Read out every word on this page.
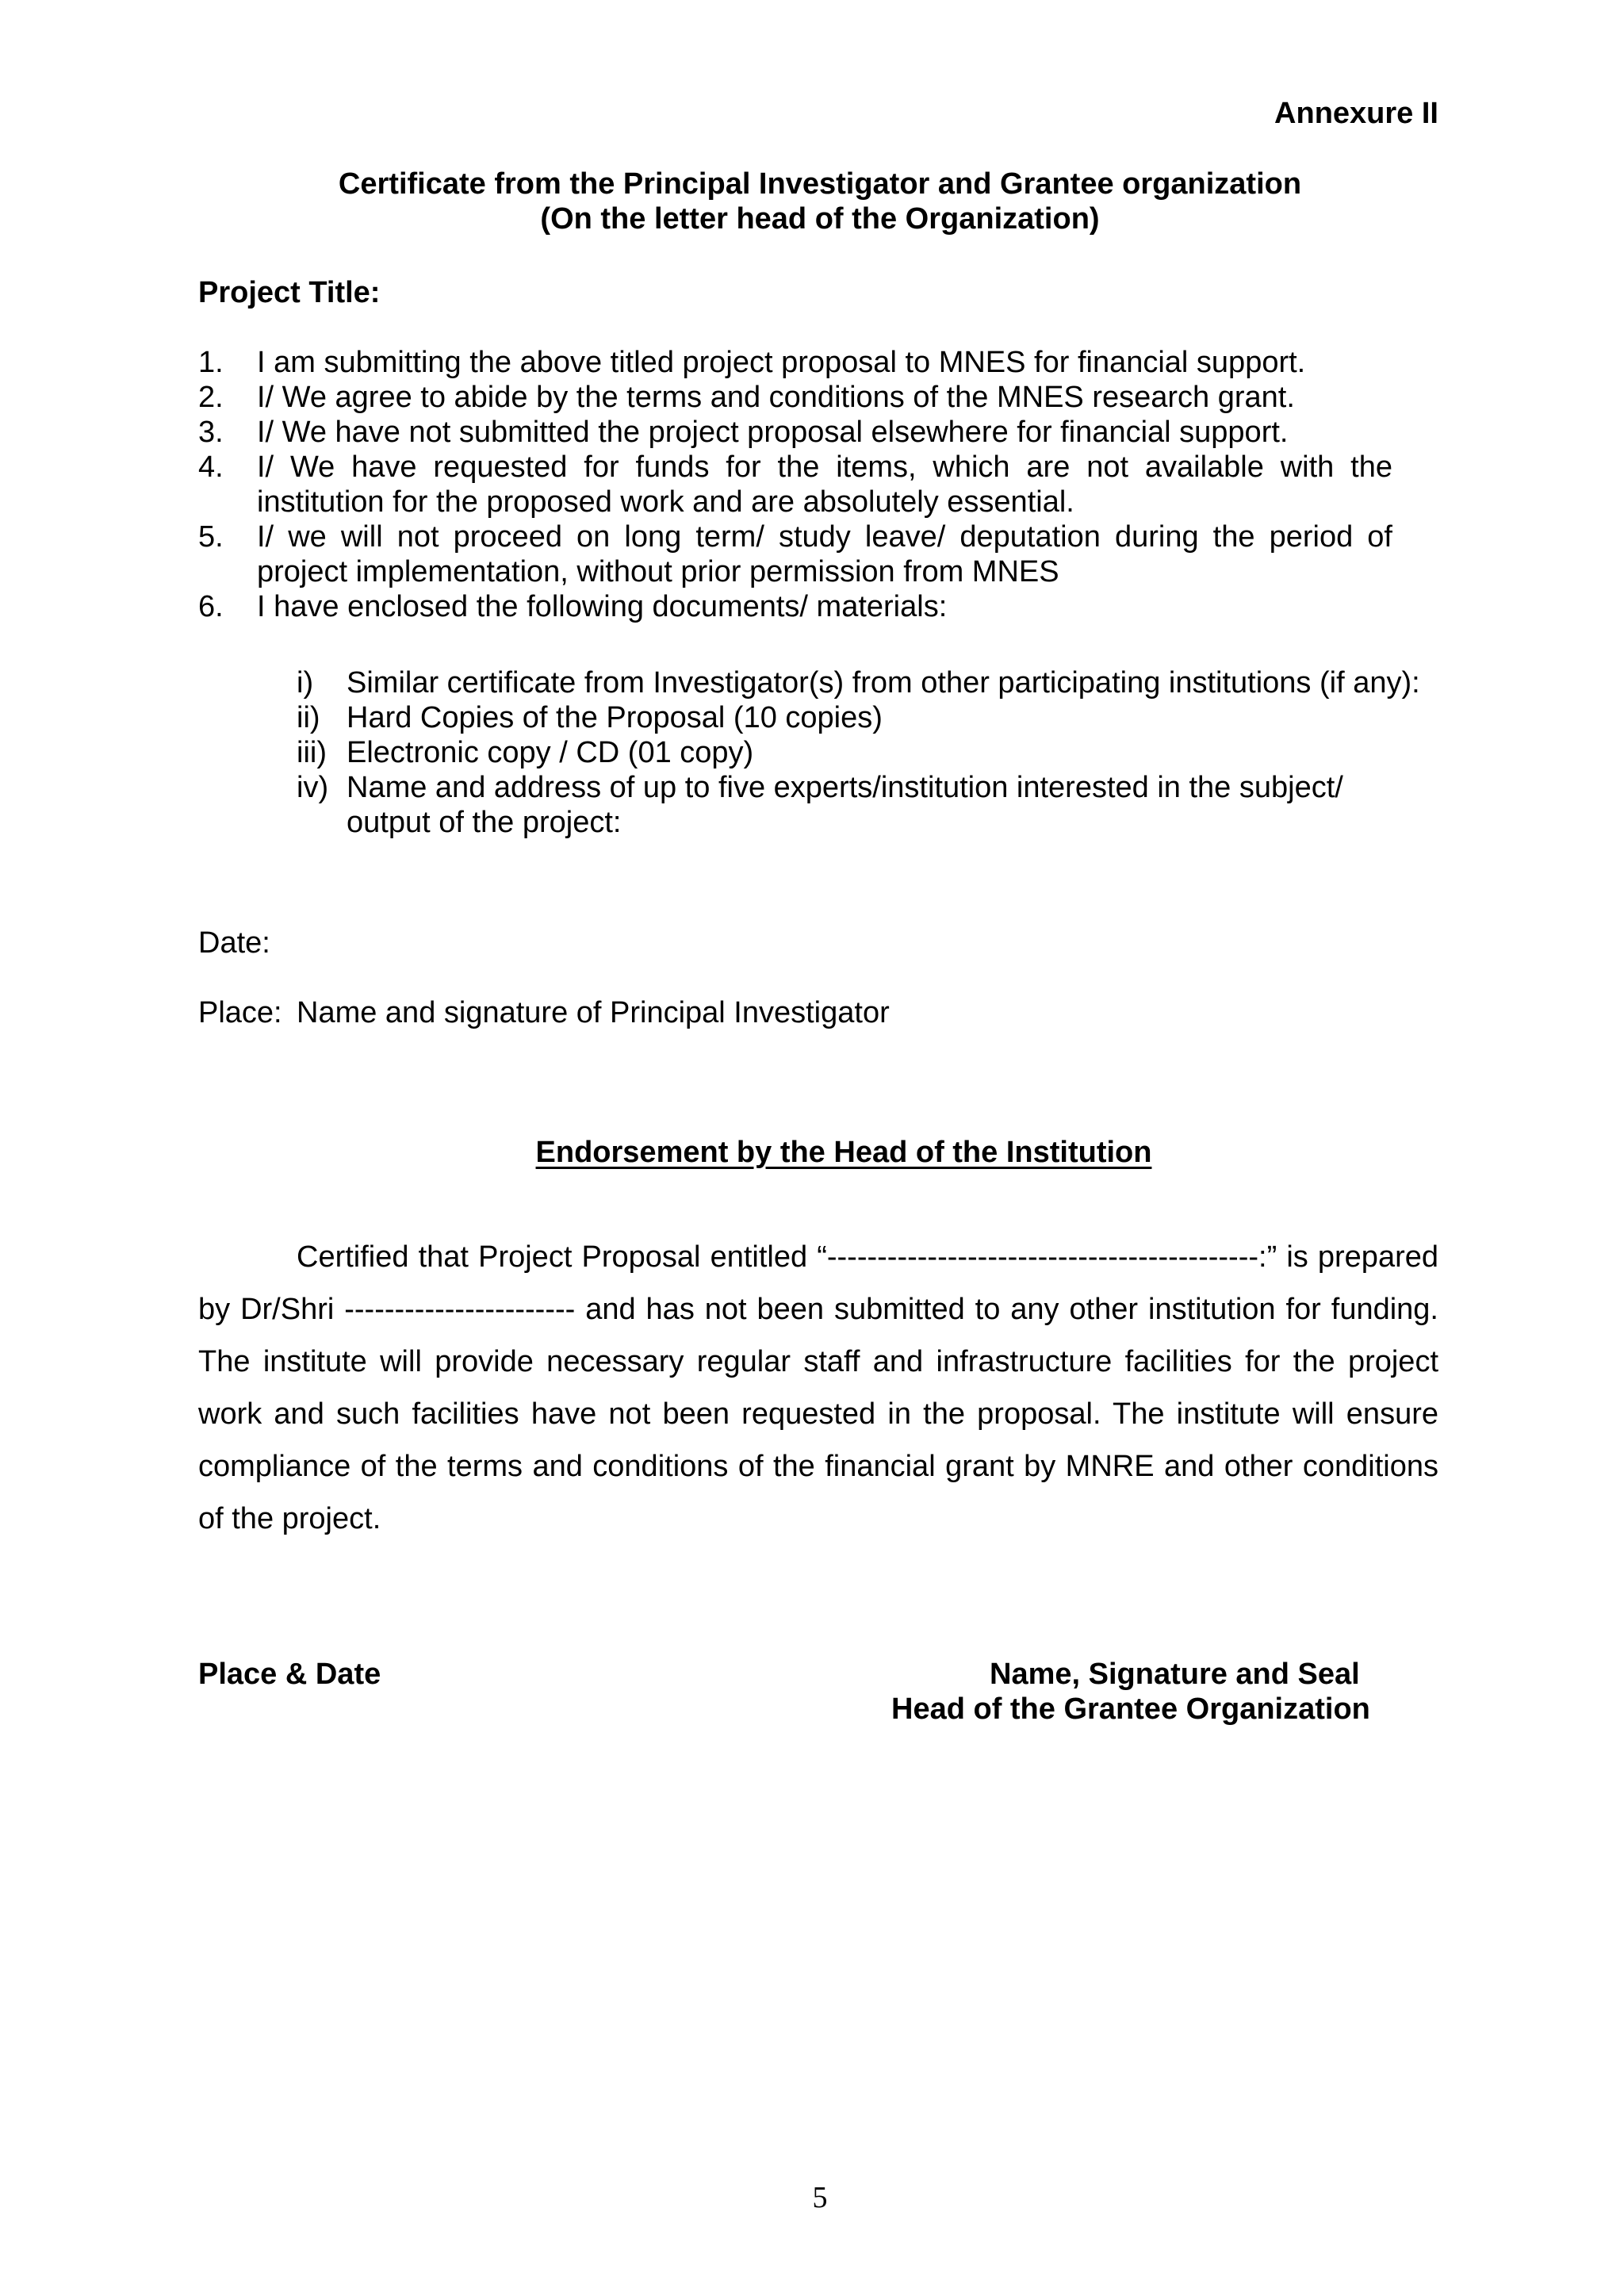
Annexure II
Certificate from the Principal Investigator and Grantee organization
(On the letter head of the Organization)
Project Title:
1. I am submitting the above titled project proposal to MNES for financial support.
2. I/ We agree to abide by the terms and conditions of the MNES research grant.
3. I/ We have not submitted the project proposal elsewhere for financial support.
4. I/ We have requested for funds for the items, which are not available with the
institution for the proposed work and are absolutely essential.
5. I/ we will not proceed on long term/ study leave/ deputation during the period of
project implementation, without prior permission from MNES
6. I have enclosed the following documents/ materials:
i) Similar certificate from Investigator(s) from other participating institutions (if any):
ii) Hard Copies of the Proposal (10 copies)
iii) Electronic copy / CD (01 copy)
iv) Name and address of up to five experts/institution interested in the subject/
output of the project:
Date:
Place: Name and signature of Principal Investigator
Endorsement by the Head of the Institution
Certified that Project Proposal entitled “-------------------------------------------:” is prepared
by Dr/Shri ----------------------- and has not been submitted to any other institution for funding.
The institute will provide necessary regular staff and infrastructure facilities for the project
work and such facilities have not been requested in the proposal. The institute will ensure
compliance of the terms and conditions of the financial grant by MNRE and other conditions
of the project.
Place & Date	Name, Signature and Seal
Head of the Grantee Organization
5
